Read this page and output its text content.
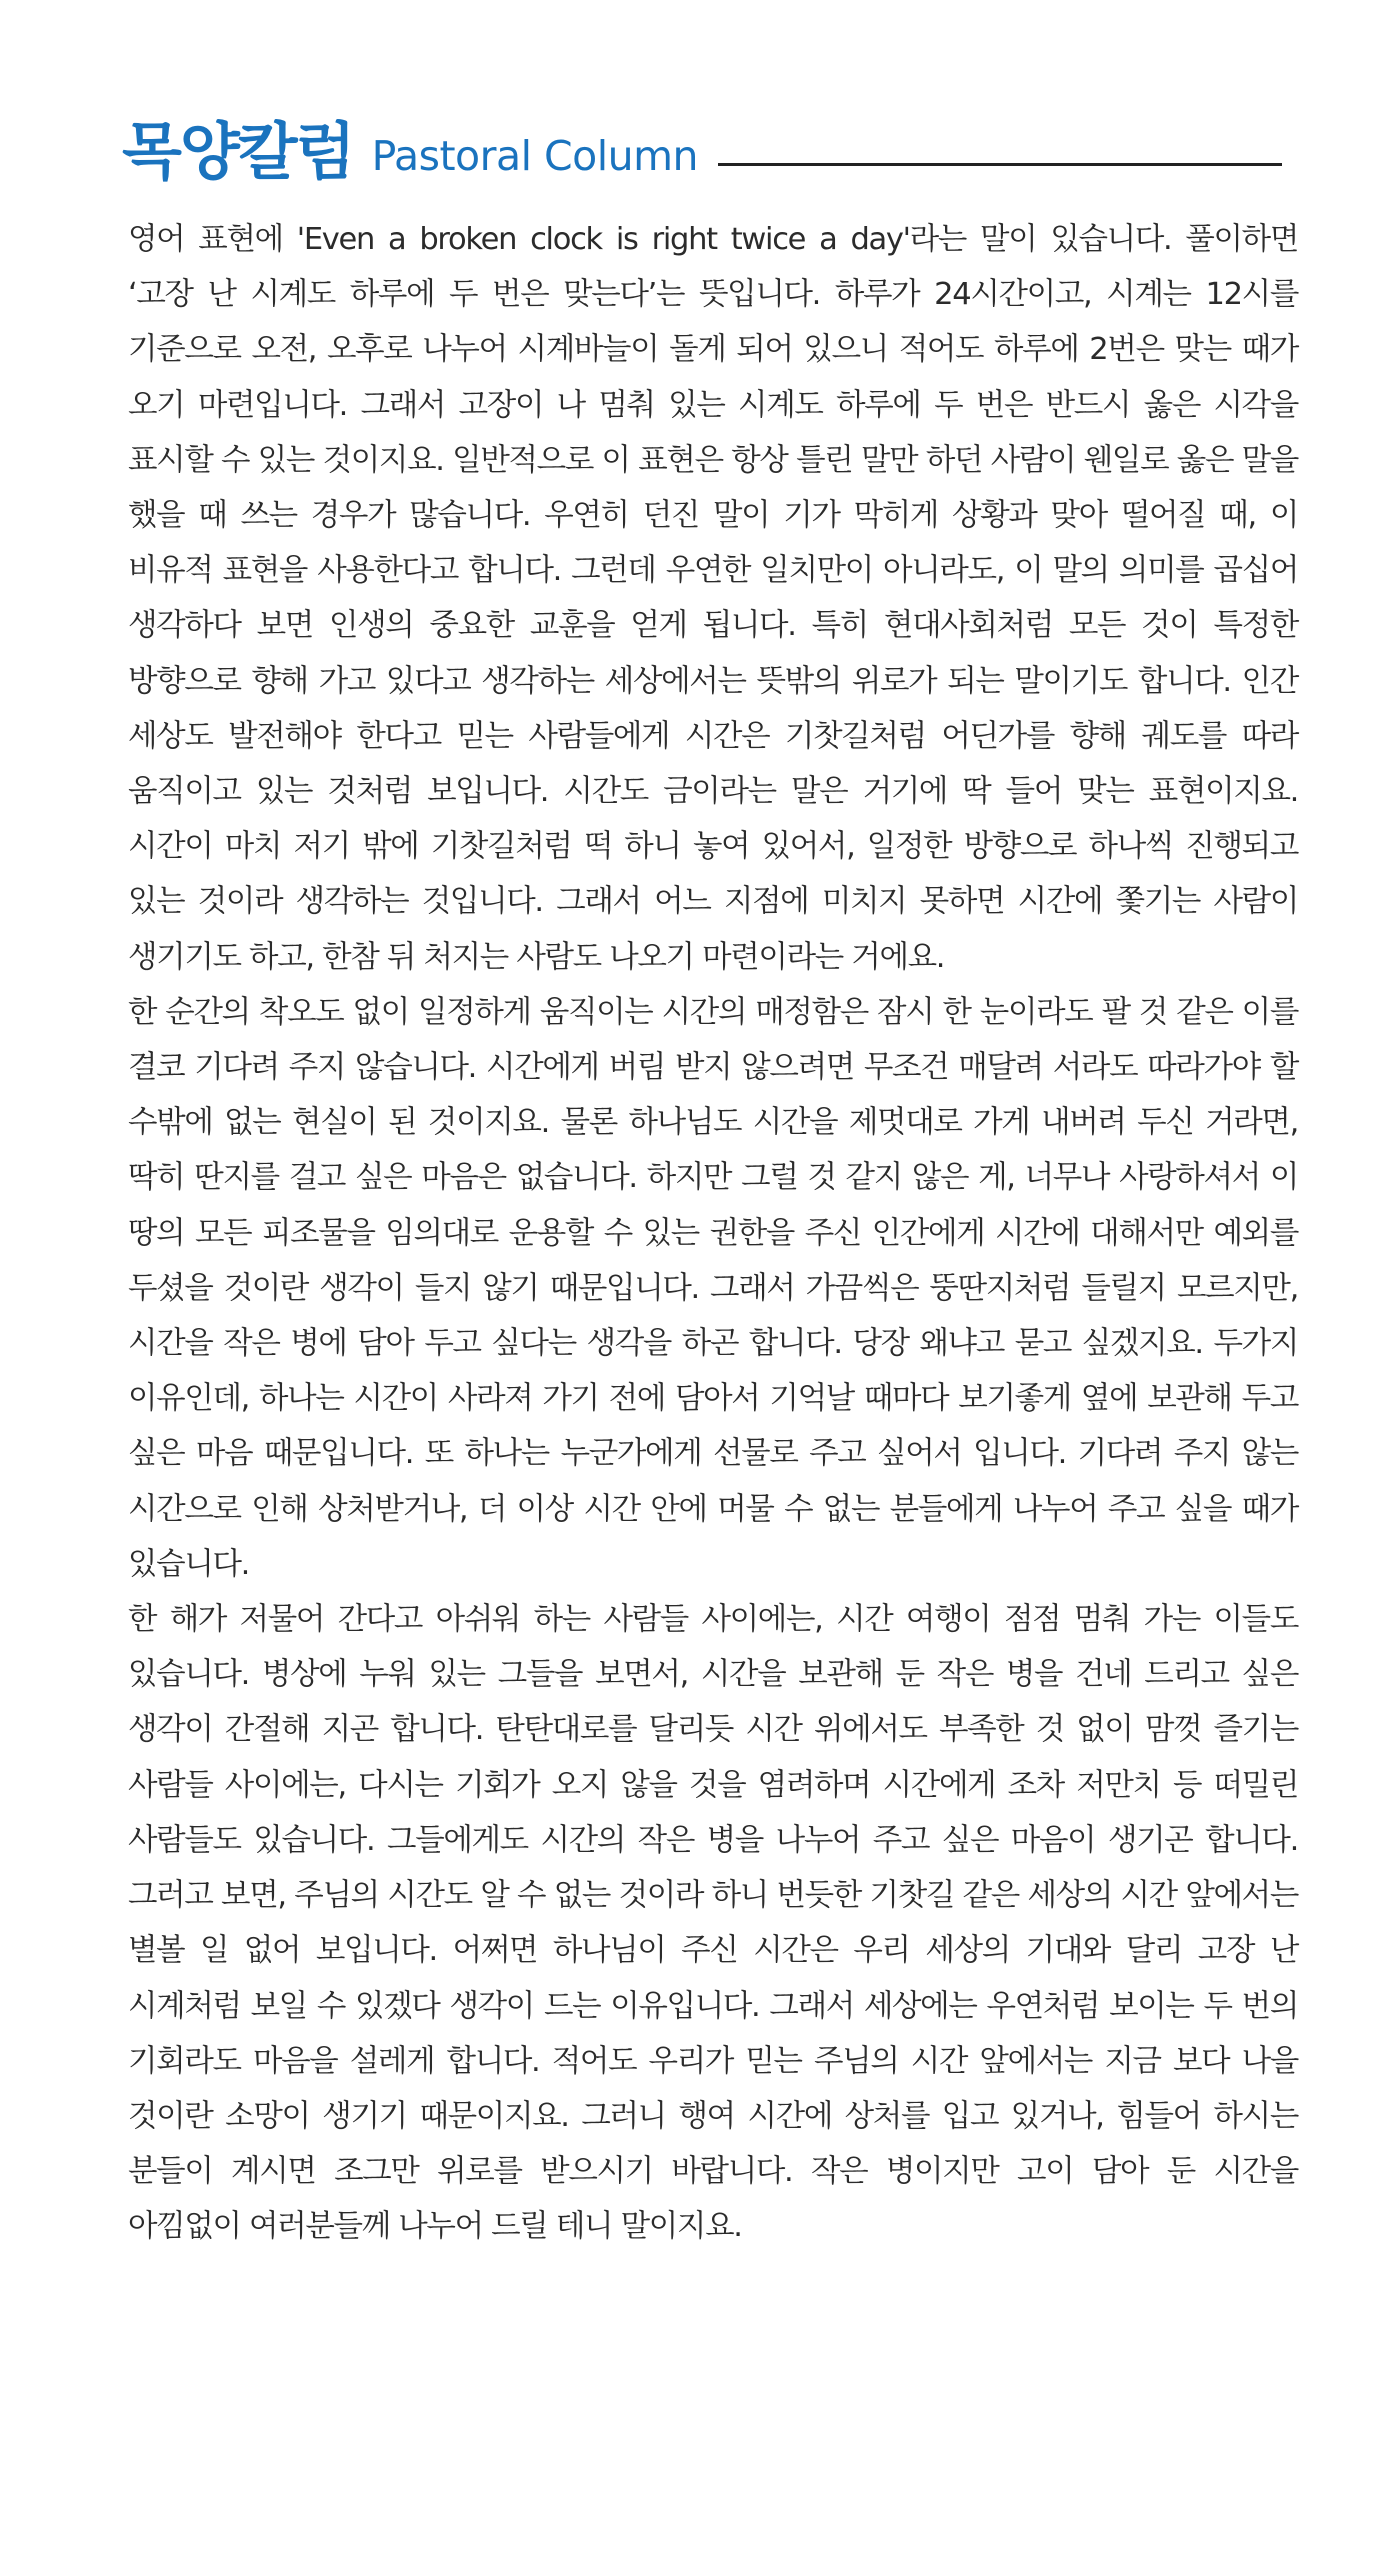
목양칼럼 Pastoral Column

영어 표현에 'Even a broken clock is right twice a day'라는 말이 있습니다. 풀이하면 ‘고장 난 시계도 하루에 두 번은 맞는다’는 뜻입니다. 하루가 24시간이고, 시계는 12시를 기준으로 오전, 오후로 나누어 시계바늘이 돌게 되어 있으니 적어도 하루에 2번은 맞는 때가 오기 마련입니다. 그래서 고장이 나 멈춰 있는 시계도 하루에 두 번은 반드시 옳은 시각을 표시할 수 있는 것이지요. 일반적으로 이 표현은 항상 틀린 말만 하던 사람이 웬일로 옳은 말을 했을 때 쓰는 경우가 많습니다. 우연히 던진 말이 기가 막히게 상황과 맞아 떨어질 때, 이 비유적 표현을 사용한다고 합니다. 그런데 우연한 일치만이 아니라도, 이 말의 의미를 곱십어 생각하다 보면 인생의 중요한 교훈을 얻게 됩니다. 특히 현대사회처럼 모든 것이 특정한 방향으로 향해 가고 있다고 생각하는 세상에서는 뜻밖의 위로가 되는 말이기도 합니다. 인간 세상도 발전해야 한다고 믿는 사람들에게 시간은 기찻길처럼 어딘가를 향해 궤도를 따라 움직이고 있는 것처럼 보입니다. 시간도 금이라는 말은 거기에 딱 들어 맞는 표현이지요. 시간이 마치 저기 밖에 기찻길처럼 떡 하니 놓여 있어서, 일정한 방향으로 하나씩 진행되고 있는 것이라 생각하는 것입니다. 그래서 어느 지점에 미치지 못하면 시간에 쫓기는 사람이 생기기도 하고, 한참 뒤 처지는 사람도 나오기 마련이라는 거에요.

한 순간의 착오도 없이 일정하게 움직이는 시간의 매정함은 잠시 한 눈이라도 팔 것 같은 이를 결코 기다려 주지 않습니다. 시간에게 버림 받지 않으려면 무조건 매달려 서라도 따라가야 할 수밖에 없는 현실이 된 것이지요. 물론 하나님도 시간을 제멋대로 가게 내버려 두신 거라면, 딱히 딴지를 걸고 싶은 마음은 없습니다. 하지만 그럴 것 같지 않은 게, 너무나 사랑하셔서 이 땅의 모든 피조물을 임의대로 운용할 수 있는 권한을 주신 인간에게 시간에 대해서만 예외를 두셨을 것이란 생각이 들지 않기 때문입니다. 그래서 가끔씩은 뚱딴지처럼 들릴지 모르지만, 시간을 작은 병에 담아 두고 싶다는 생각을 하곤 합니다. 당장 왜냐고 묻고 싶겠지요. 두가지 이유인데, 하나는 시간이 사라져 가기 전에 담아서 기억날 때마다 보기좋게 옆에 보관해 두고 싶은 마음 때문입니다. 또 하나는 누군가에게 선물로 주고 싶어서 입니다. 기다려 주지 않는 시간으로 인해 상처받거나, 더 이상 시간 안에 머물 수 없는 분들에게 나누어 주고 싶을 때가 있습니다.

한 해가 저물어 간다고 아쉬워 하는 사람들 사이에는, 시간 여행이 점점 멈춰 가는 이들도 있습니다. 병상에 누워 있는 그들을 보면서, 시간을 보관해 둔 작은 병을 건네 드리고 싶은 생각이 간절해 지곤 합니다. 탄탄대로를 달리듯 시간 위에서도 부족한 것 없이 맘껏 즐기는 사람들 사이에는, 다시는 기회가 오지 않을 것을 염려하며 시간에게 조차 저만치 등 떠밀린 사람들도 있습니다. 그들에게도 시간의 작은 병을 나누어 주고 싶은 마음이 생기곤 합니다. 그러고 보면, 주님의 시간도 알 수 없는 것이라 하니 번듯한 기찻길 같은 세상의 시간 앞에서는 별볼 일 없어 보입니다. 어쩌면 하나님이 주신 시간은 우리 세상의 기대와 달리 고장 난 시계처럼 보일 수 있겠다 생각이 드는 이유입니다. 그래서 세상에는 우연처럼 보이는 두 번의 기회라도 마음을 설레게 합니다. 적어도 우리가 믿는 주님의 시간 앞에서는 지금 보다 나을 것이란 소망이 생기기 때문이지요. 그러니 행여 시간에 상처를 입고 있거나, 힘들어 하시는 분들이 계시면 조그만 위로를 받으시기 바랍니다. 작은 병이지만 고이 담아 둔 시간을 아낌없이 여러분들께 나누어 드릴 테니 말이지요.
